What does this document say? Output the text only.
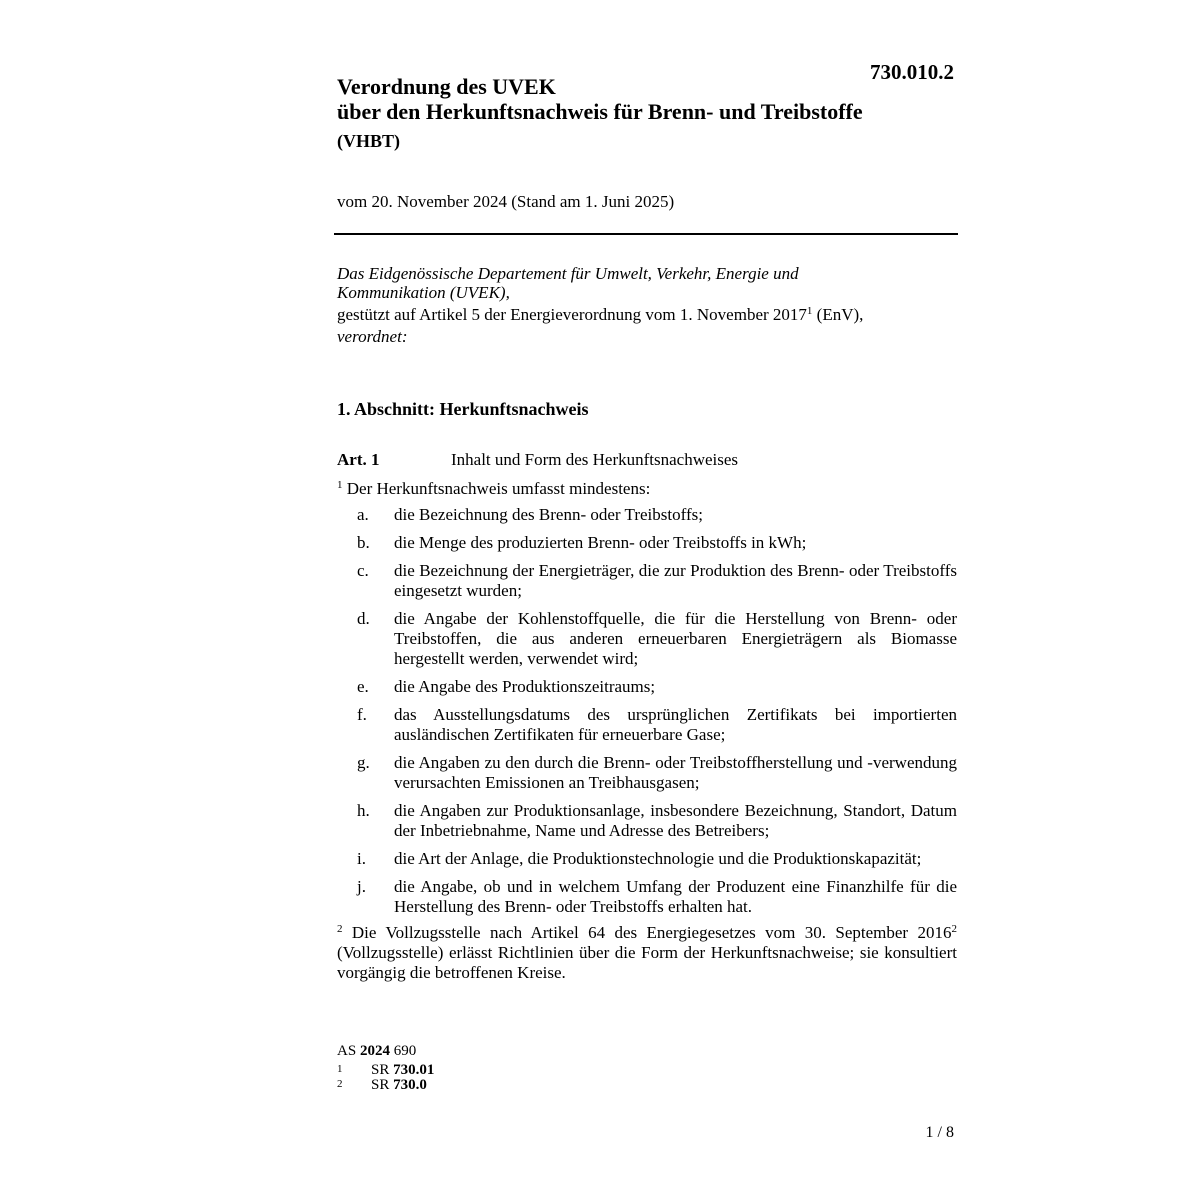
730.010.2
Verordnung des UVEK
über den Herkunftsnachweis für Brenn- und Treibstoffe
(VHBT)
vom 20. November 2024 (Stand am 1. Juni 2025)
Das Eidgenössische Departement für Umwelt, Verkehr, Energie und
Kommunikation (UVEK),
gestützt auf Artikel 5 der Energieverordnung vom 1. November 2017$^1$ (EnV),
verordnet:
1. Abschnitt: Herkunftsnachweis
Art. 1	Inhalt und Form des Herkunftsnachweises
$^1$ Der Herkunftsnachweis umfasst mindestens:
a.	die Bezeichnung des Brenn- oder Treibstoffs;
b.	die Menge des produzierten Brenn- oder Treibstoffs in kWh;
c.	die Bezeichnung der Energieträger, die zur Produktion des Brenn- oder Treibstoffs eingesetzt wurden;
d.	die Angabe der Kohlenstoffquelle, die für die Herstellung von Brenn- oder Treibstoffen, die aus anderen erneuerbaren Energieträgern als Biomasse hergestellt werden, verwendet wird;
e.	die Angabe des Produktionszeitraums;
f.	das Ausstellungsdatums des ursprünglichen Zertifikats bei importierten ausländischen Zertifikaten für erneuerbare Gase;
g.	die Angaben zu den durch die Brenn- oder Treibstoffherstellung und -verwendung verursachten Emissionen an Treibhausgasen;
h.	die Angaben zur Produktionsanlage, insbesondere Bezeichnung, Standort, Datum der Inbetriebnahme, Name und Adresse des Betreibers;
i.	die Art der Anlage, die Produktionstechnologie und die Produktionskapazität;
j.	die Angabe, ob und in welchem Umfang der Produzent eine Finanzhilfe für die Herstellung des Brenn- oder Treibstoffs erhalten hat.
$^2$ Die Vollzugsstelle nach Artikel 64 des Energiegesetzes vom 30. September 2016$^2$ (Vollzugsstelle) erlässt Richtlinien über die Form der Herkunftsnachweise; sie konsultiert vorgängig die betroffenen Kreise.
AS 2024 690
1	SR 730.01
2	SR 730.0
1 / 8
